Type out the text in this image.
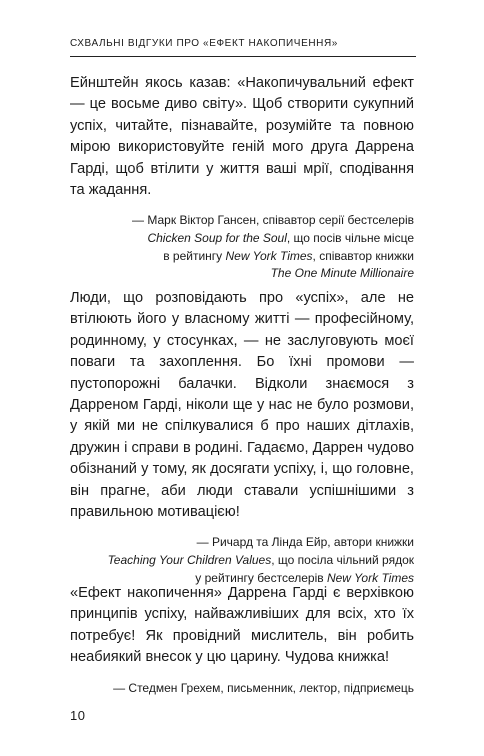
СХВАЛЬНІ ВІДГУКИ ПРО «ЕФЕКТ НАКОПИЧЕННЯ»

Ейнштейн якось казав: «Накопичувальний ефект — це восьме диво світу». Щоб створити сукупний успіх, читайте, пізнавайте, розумійте та повною мірою використовуйте геній мого друга Даррена Гарді, щоб втілити у життя ваші мрії, сподівання та жадання.

— Марк Віктор Гансен, співавтор серії бестселерів
Chicken Soup for the Soul, що посів чільне місце
в рейтингу New York Times, співавтор книжки
The One Minute Millionaire

Люди, що розповідають про «успіх», але не втілюють його у власному житті — професійному, родинному, у стосунках, — не заслуговують моєї поваги та захоплення. Бо їхні промови — пустопорожні балачки. Відколи знаємося з Дарреном Гарді, ніколи ще у нас не було розмови, у якій ми не спілкувалися б про наших дітлахів, дружин і справи в родині. Гадаємо, Даррен чудово обізнаний у тому, як досягати успіху, і, що головне, він прагне, аби люди ставали успішнішими з правильною мотивацією!

— Ричард та Лінда Ейр, автори книжки
Teaching Your Children Values, що посіла чільний рядок
у рейтингу бестселерів New York Times

«Ефект накопичення» Даррена Гарді є верхівкою принципів успіху, найважливіших для всіх, хто їх потребує! Як провідний мислитель, він робить неабиякий внесок у цю царину. Чудова книжка!

— Стедмен Грехем, письменник, лектор, підприємець
10
